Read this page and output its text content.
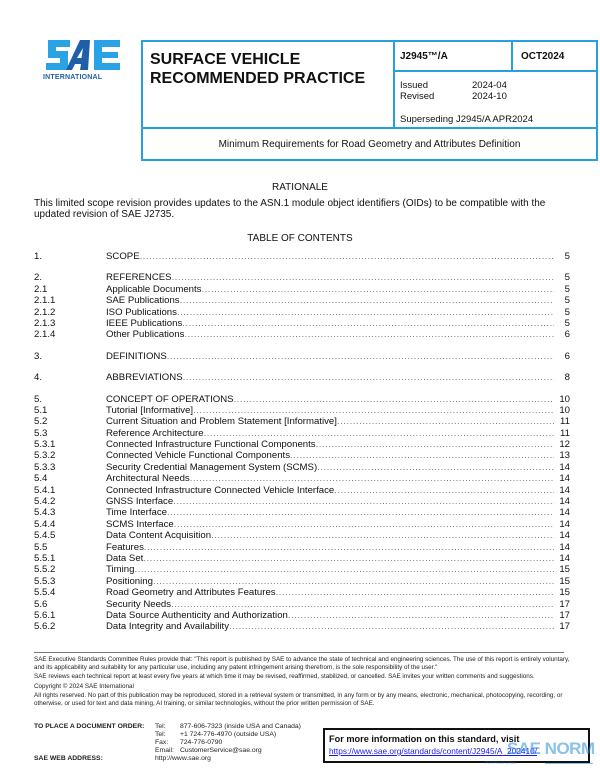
INTERNATIONAL
SURFACE VEHICLE
RECOMMENDED PRACTICE
J2945™/A	OCT2024
Issued	2024-04
Revised	2024-10
Superseding J2945/A APR2024
Minimum Requirements for Road Geometry and Attributes Definition
RATIONALE
This limited scope revision provides updates to the ASN.1 module object identifiers (OIDs) to be compatible with the updated revision of SAE J2735.
TABLE OF CONTENTS
1.	SCOPE .....	5
2.	REFERENCES .....	5
2.1	Applicable Documents .....	5
2.1.1	SAE Publications .....	5
2.1.2	ISO Publications .....	5
2.1.3	IEEE Publications .....	5
2.1.4	Other Publications .....	6
3.	DEFINITIONS .....	6
4.	ABBREVIATIONS .....	8
5.	CONCEPT OF OPERATIONS .....	10
5.1	Tutorial [Informative] .....	10
5.2	Current Situation and Problem Statement [Informative] .....	11
5.3	Reference Architecture .....	11
5.3.1	Connected Infrastructure Functional Components .....	12
5.3.2	Connected Vehicle Functional Components .....	13
5.3.3	Security Credential Management System (SCMS) .....	14
5.4	Architectural Needs .....	14
5.4.1	Connected Infrastructure Connected Vehicle Interface .....	14
5.4.2	GNSS Interface .....	14
5.4.3	Time Interface .....	14
5.4.4	SCMS Interface .....	14
5.4.5	Data Content Acquisition .....	14
5.5	Features .....	14
5.5.1	Data Set .....	14
5.5.2	Timing .....	15
5.5.3	Positioning .....	15
5.5.4	Road Geometry and Attributes Features .....	15
5.6	Security Needs .....	17
5.6.1	Data Source Authenticity and Authorization .....	17
5.6.2	Data Integrity and Availability .....	17

SAE Executive Standards Committee Rules provide that: "This report is published by SAE to advance the state of technical and engineering sciences. The use of this report is entirely voluntary, and its applicability and suitability for any particular use, including any patent infringement arising therefrom, is the sole responsibility of the user."

SAE reviews each technical report at least every five years at which time it may be revised, reaffirmed, stabilized, or cancelled. SAE invites your written comments and suggestions.

Copyright © 2024 SAE International

All rights reserved. No part of this publication may be reproduced, stored in a retrieval system or transmitted, in any form or by any means, electronic, mechanical, photocopying, recording, or otherwise, or used for text and data mining, AI training, or similar technologies, without the prior written permission of SAE.

TO PLACE A DOCUMENT ORDER:	Tel:	877-606-7323 (inside USA and Canada)
Tel:	+1 724-776-4970 (outside USA)
Fax:	724-776-0790
Email: CustomerService@sae.org
SAE WEB ADDRESS:	http://www.sae.org
For more information on this standard, visit
https://www.sae.org/standards/content/J2945/A_202410/
SAE NORM
INTERNATIONAL
